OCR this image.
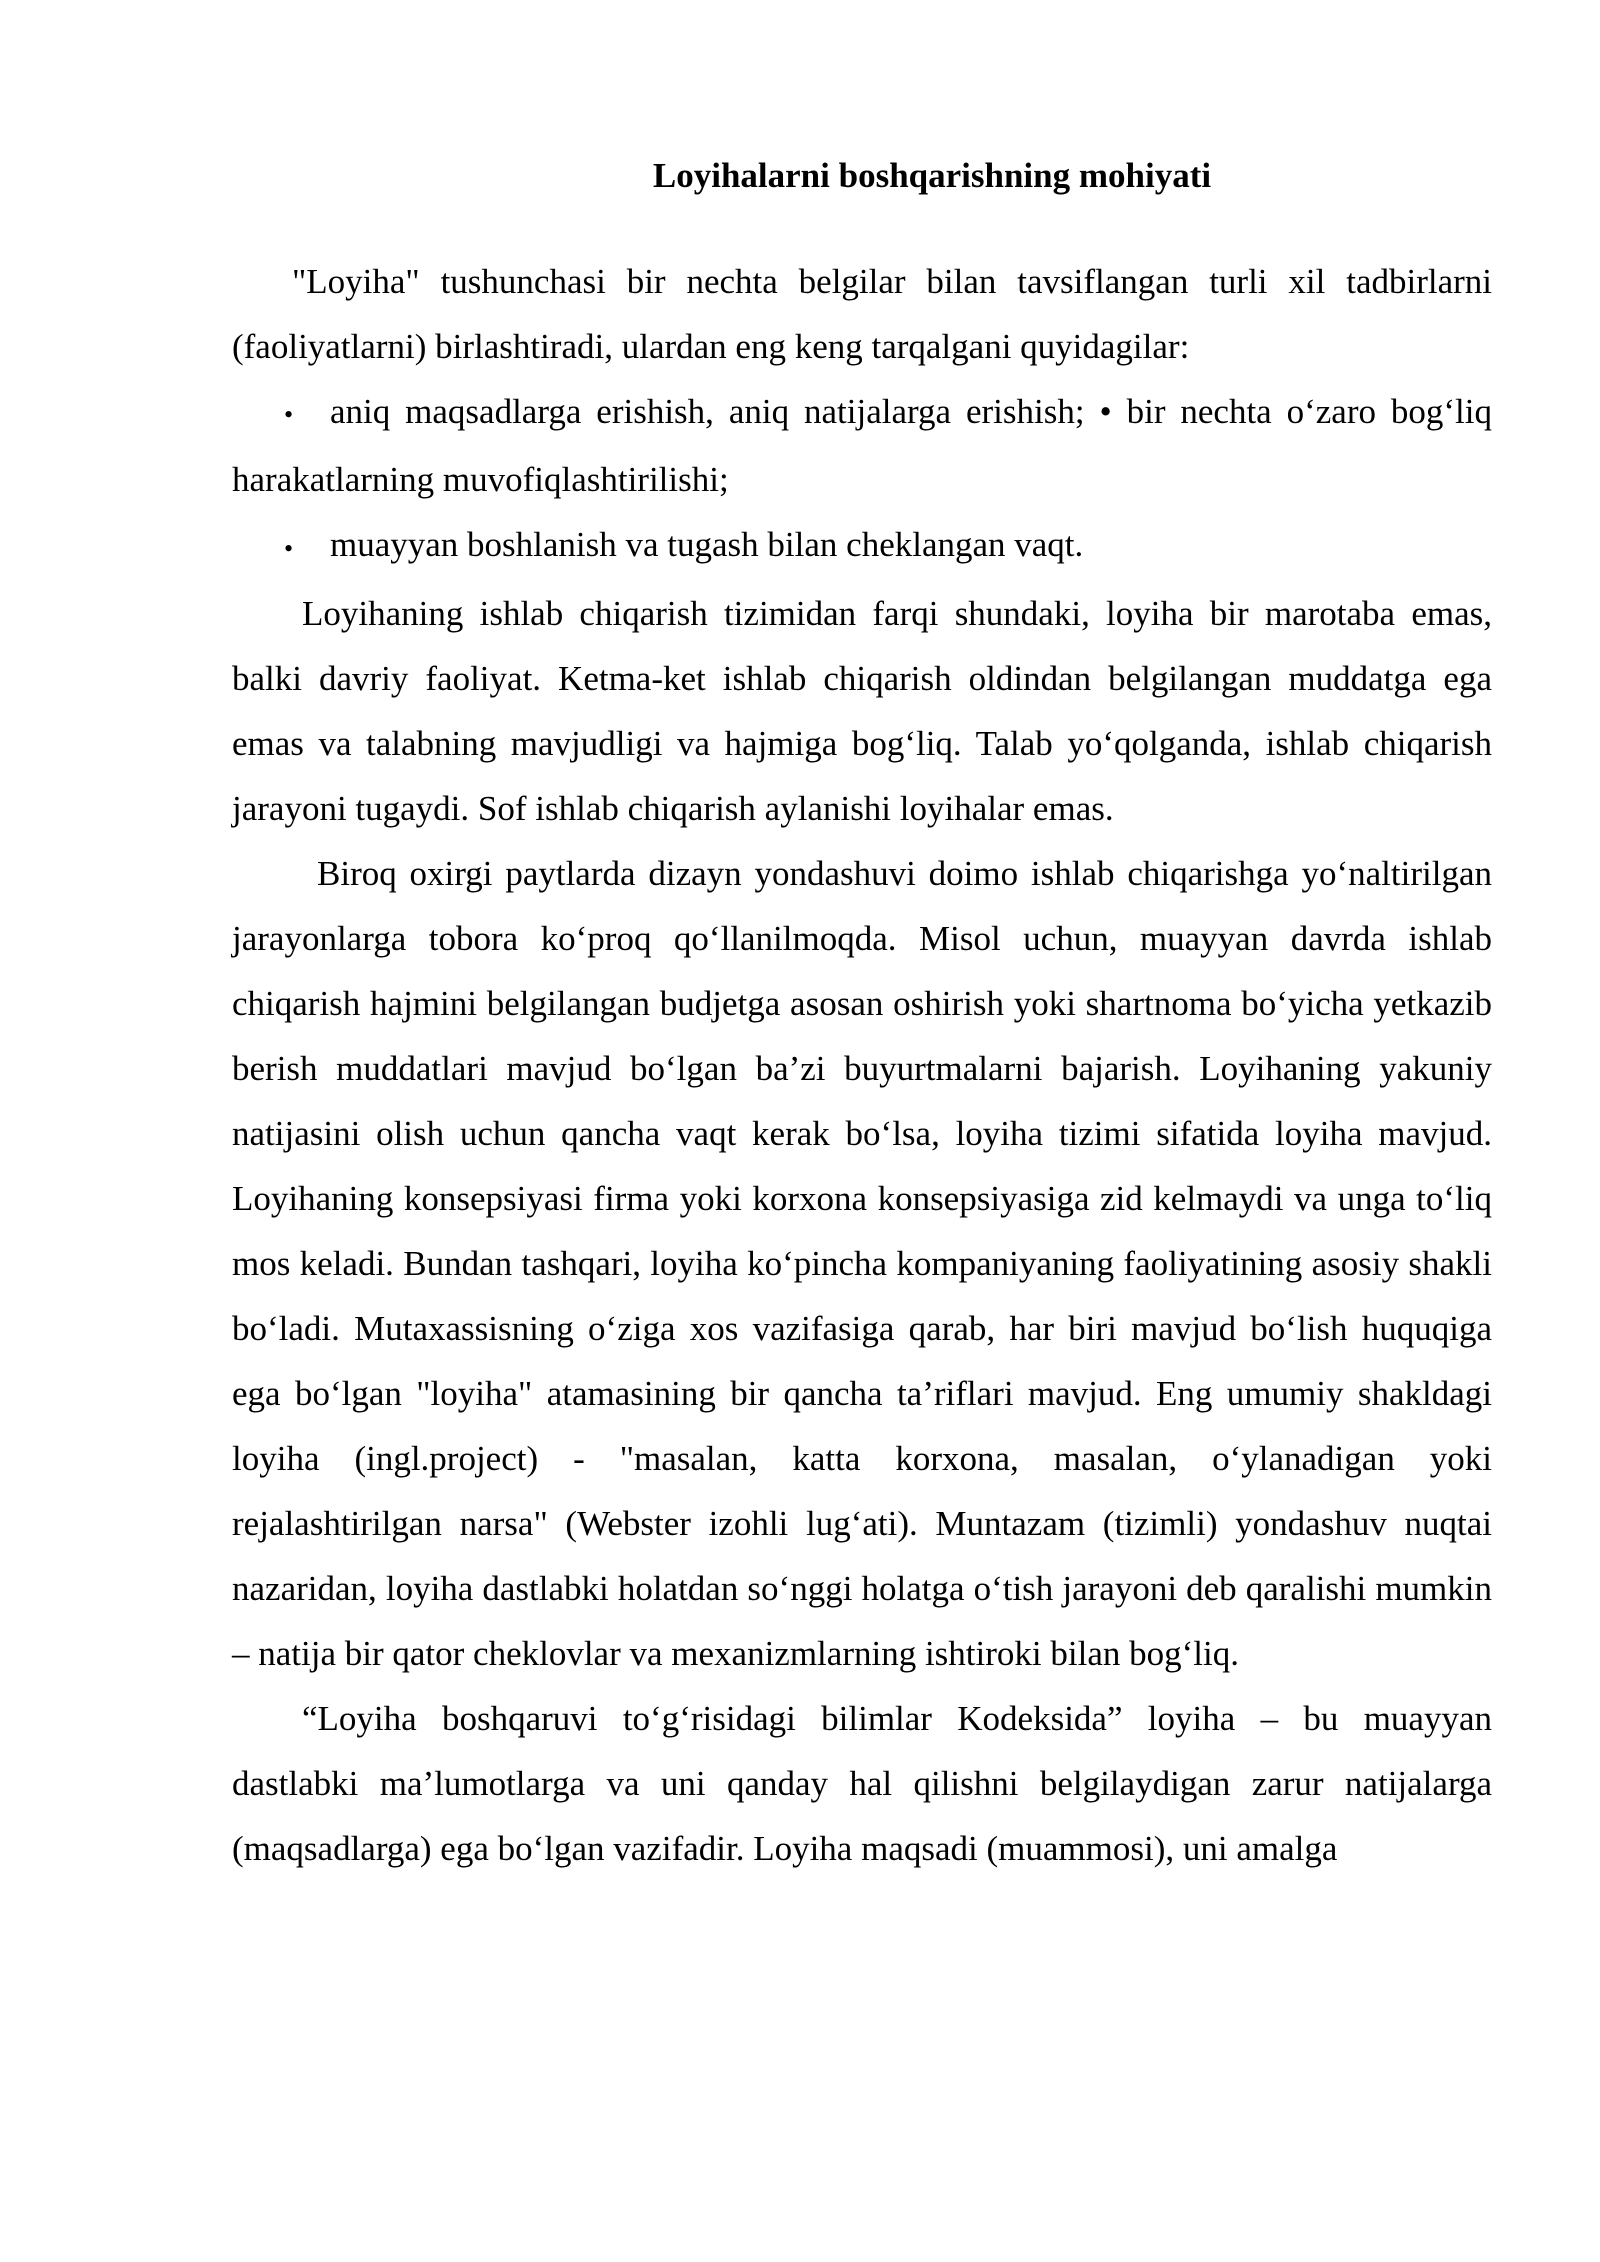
Loyihalarni boshqarishning mohiyati

"Loyiha" tushunchasi bir nechta belgilar bilan tavsiflangan turli xil tadbirlarni (faoliyatlarni) birlashtiradi, ulardan eng keng tarqalgani quyidagilar:

• aniq maqsadlarga erishish, aniq natijalarga erishish; • bir nechta o‘zaro bog‘liq harakatlarning muvofiqlashtirilishi;

• muayyan boshlanish va tugash bilan cheklangan vaqt.

Loyihaning ishlab chiqarish tizimidan farqi shundaki, loyiha bir marotaba emas, balki davriy faoliyat. Ketma-ket ishlab chiqarish oldindan belgilangan muddatga ega emas va talabning mavjudligi va hajmiga bog‘liq. Talab yo‘qolganda, ishlab chiqarish jarayoni tugaydi. Sof ishlab chiqarish aylanishi loyihalar emas.

Biroq oxirgi paytlarda dizayn yondashuvi doimo ishlab chiqarishga yo‘naltirilgan jarayonlarga tobora ko‘proq qo‘llanilmoqda. Misol uchun, muayyan davrda ishlab chiqarish hajmini belgilangan budjetga asosan oshirish yoki shartnoma bo‘yicha yetkazib berish muddatlari mavjud bo‘lgan ba’zi buyurtmalarni bajarish. Loyihaning yakuniy natijasini olish uchun qancha vaqt kerak bo‘lsa, loyiha tizimi sifatida loyiha mavjud. Loyihaning konsepsiyasi firma yoki korxona konsepsiyasiga zid kelmaydi va unga to‘liq mos keladi. Bundan tashqari, loyiha ko‘pincha kompaniyaning faoliyatining asosiy shakli bo‘ladi. Mutaxassisning o‘ziga xos vazifasiga qarab, har biri mavjud bo‘lish huquqiga ega bo‘lgan "loyiha" atamasining bir qancha ta’riflari mavjud. Eng umumiy shakldagi loyiha (ingl.project) - "masalan, katta korxona, masalan, o‘ylanadigan yoki rejalashtirilgan narsa" (Webster izohli lug‘ati). Muntazam (tizimli) yondashuv nuqtai nazaridan, loyiha dastlabki holatdan so‘nggi holatga o‘tish jarayoni deb qaralishi mumkin – natija bir qator cheklovlar va mexanizmlarning ishtiroki bilan bog‘liq.

“Loyiha boshqaruvi to‘g‘risidagi bilimlar Kodeksida” loyiha – bu muayyan dastlabki ma’lumotlarga va uni qanday hal qilishni belgilaydigan zarur natijalarga (maqsadlarga) ega bo‘lgan vazifadir. Loyiha maqsadi (muammosi), uni amalga
